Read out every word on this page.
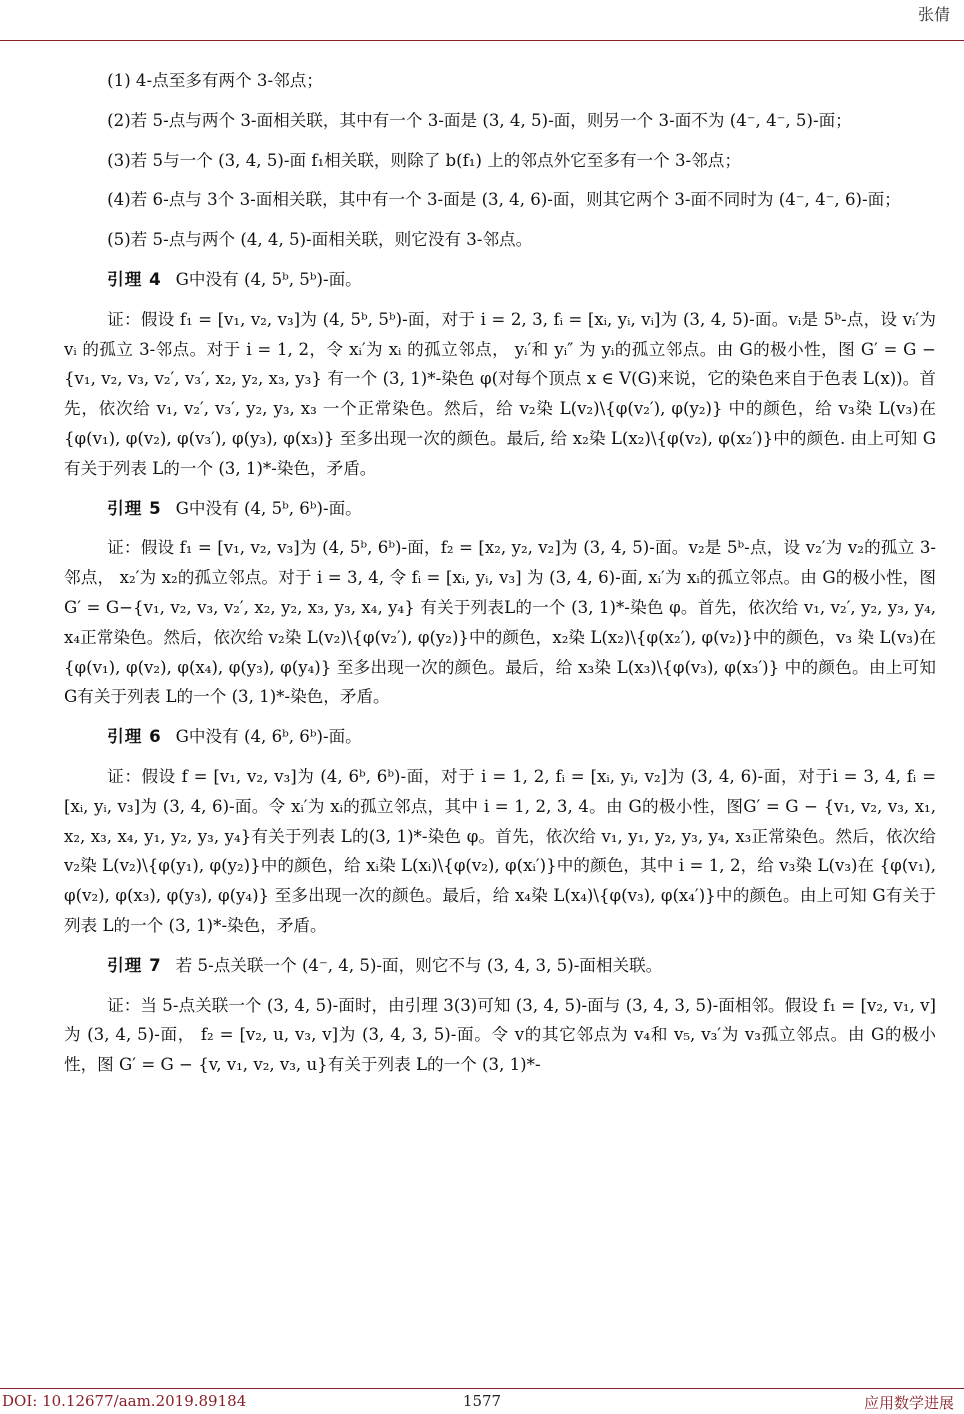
张倩

(1) 4-点至多有两个 3-邻点；

(2)若 5-点与两个 3-面相关联，其中有一个 3-面是 (3, 4, 5)-面，则另一个 3-面不为 (4⁻, 4⁻, 5)-面；

(3)若 5与一个 (3, 4, 5)-面 f₁相关联，则除了 b(f₁) 上的邻点外它至多有一个 3-邻点；

(4)若 6-点与 3个 3-面相关联，其中有一个 3-面是 (3, 4, 6)-面，则其它两个 3-面不同时为 (4⁻, 4⁻, 6)-面；

(5)若 5-点与两个 (4, 4, 5)-面相关联，则它没有 3-邻点。

引理 4 G中没有 (4, 5ᵇ, 5ᵇ)-面。

证：假设 f₁ = [v₁, v₂, v₃]为 (4, 5ᵇ, 5ᵇ)-面，对于 i = 2, 3, fᵢ = [xᵢ, yᵢ, vᵢ]为 (3, 4, 5)-面。vᵢ是 5ᵇ-点，设 vᵢ′为 vᵢ 的孤立 3-邻点。对于 i = 1, 2，令 xᵢ′为 xᵢ 的孤立邻点， yᵢ′和 yᵢ″ 为 yᵢ的孤立邻点。由 G的极小性，图 G′ = G − {v₁, v₂, v₃, v₂′, v₃′, x₂, y₂, x₃, y₃} 有一个 (3, 1)*-染色 φ(对每个顶点 x ∈ V(G)来说，它的染色来自于色表 L(x))。首先，依次给 v₁, v₂′, v₃′, y₂, y₃, x₃ 一个正常染色。然后，给 v₂染 L(v₂)\{φ(v₂′), φ(y₂)} 中的颜色，给 v₃染 L(v₃)在 {φ(v₁), φ(v₂), φ(v₃′), φ(y₃), φ(x₃)} 至多出现一次的颜色。最后, 给 x₂染 L(x₂)\{φ(v₂), φ(x₂′)}中的颜色. 由上可知 G有关于列表 L的一个 (3, 1)*-染色，矛盾。

引理 5 G中没有 (4, 5ᵇ, 6ᵇ)-面。

证：假设 f₁ = [v₁, v₂, v₃]为 (4, 5ᵇ, 6ᵇ)-面，f₂ = [x₂, y₂, v₂]为 (3, 4, 5)-面。v₂是 5ᵇ-点，设 v₂′为 v₂的孤立 3-邻点， x₂′为 x₂的孤立邻点。对于 i = 3, 4, 令 fᵢ = [xᵢ, yᵢ, v₃] 为 (3, 4, 6)-面, xᵢ′为 xᵢ的孤立邻点。由 G的极小性，图 G′ = G−{v₁, v₂, v₃, v₂′, x₂, y₂, x₃, y₃, x₄, y₄} 有关于列表L的一个 (3, 1)*-染色 φ。首先，依次给 v₁, v₂′, y₂, y₃, y₄, x₄正常染色。然后，依次给 v₂染 L(v₂)\{φ(v₂′), φ(y₂)}中的颜色，x₂染 L(x₂)\{φ(x₂′), φ(v₂)}中的颜色，v₃ 染 L(v₃)在 {φ(v₁), φ(v₂), φ(x₄), φ(y₃), φ(y₄)} 至多出现一次的颜色。最后，给 x₃染 L(x₃)\{φ(v₃), φ(x₃′)} 中的颜色。由上可知 G有关于列表 L的一个 (3, 1)*-染色，矛盾。

引理 6 G中没有 (4, 6ᵇ, 6ᵇ)-面。

证：假设 f = [v₁, v₂, v₃]为 (4, 6ᵇ, 6ᵇ)-面，对于 i = 1, 2, fᵢ = [xᵢ, yᵢ, v₂]为 (3, 4, 6)-面，对于i = 3, 4, fᵢ = [xᵢ, yᵢ, v₃]为 (3, 4, 6)-面。令 xᵢ′为 xᵢ的孤立邻点，其中 i = 1, 2, 3, 4。由 G的极小性，图G′ = G − {v₁, v₂, v₃, x₁, x₂, x₃, x₄, y₁, y₂, y₃, y₄}有关于列表 L的(3, 1)*-染色 φ。首先，依次给 v₁, y₁, y₂, y₃, y₄, x₃正常染色。然后，依次给 v₂染 L(v₂)\{φ(y₁), φ(y₂)}中的颜色，给 xᵢ染 L(xᵢ)\{φ(v₂), φ(xᵢ′)}中的颜色，其中 i = 1, 2，给 v₃染 L(v₃)在 {φ(v₁), φ(v₂), φ(x₃), φ(y₃), φ(y₄)} 至多出现一次的颜色。最后，给 x₄染 L(x₄)\{φ(v₃), φ(x₄′)}中的颜色。由上可知 G有关于列表 L的一个 (3, 1)*-染色，矛盾。

引理 7 若 5-点关联一个 (4⁻, 4, 5)-面，则它不与 (3, 4, 3, 5)-面相关联。

证：当 5-点关联一个 (3, 4, 5)-面时，由引理 3(3)可知 (3, 4, 5)-面与 (3, 4, 3, 5)-面相邻。假设 f₁ = [v₂, v₁, v]为 (3, 4, 5)-面， f₂ = [v₂, u, v₃, v]为 (3, 4, 3, 5)-面。令 v的其它邻点为 v₄和 v₅, v₃′为 v₃孤立邻点。由 G的极小性，图 G′ = G − {v, v₁, v₂, v₃, u}有关于列表 L的一个 (3, 1)*-

DOI: 10.12677/aam.2019.89184	1577	应用数学进展
